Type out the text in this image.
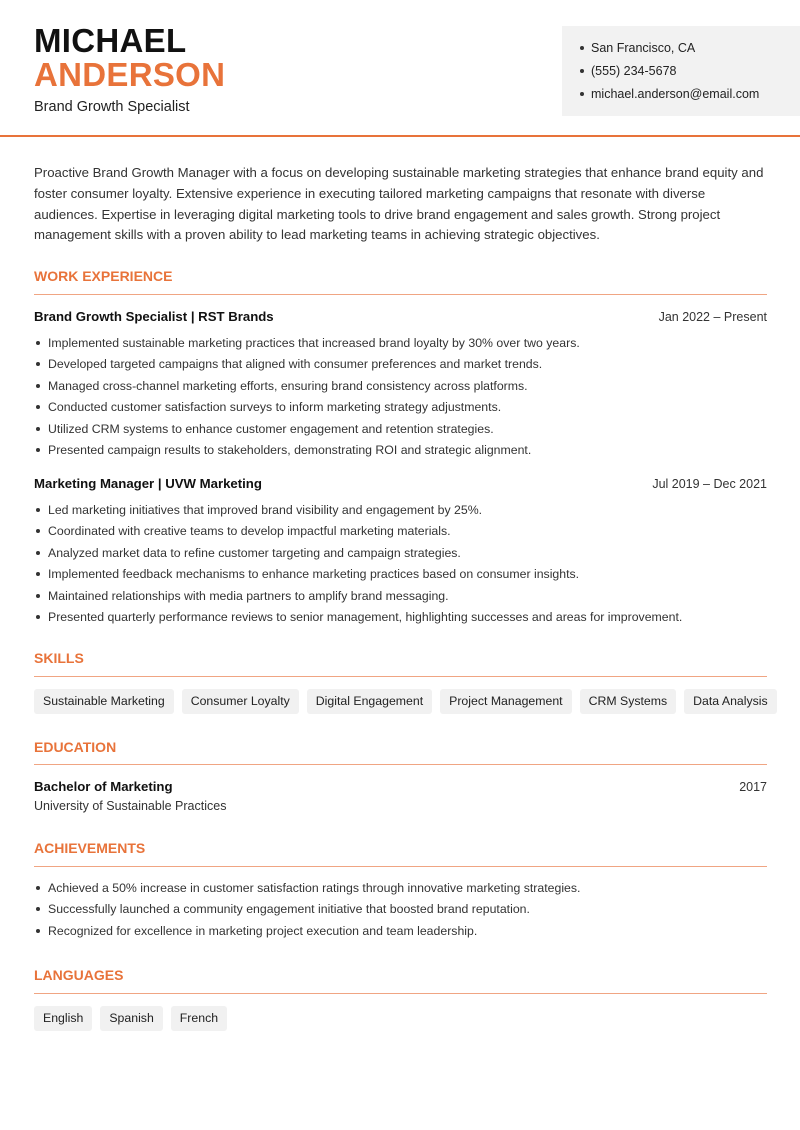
MICHAEL
ANDERSON
Brand Growth Specialist
San Francisco, CA
(555) 234-5678
michael.anderson@email.com
Proactive Brand Growth Manager with a focus on developing sustainable marketing strategies that enhance brand equity and foster consumer loyalty. Extensive experience in executing tailored marketing campaigns that resonate with diverse audiences. Expertise in leveraging digital marketing tools to drive brand engagement and sales growth. Strong project management skills with a proven ability to lead marketing teams in achieving strategic objectives.
WORK EXPERIENCE
Brand Growth Specialist | RST Brands	Jan 2022 – Present
Implemented sustainable marketing practices that increased brand loyalty by 30% over two years.
Developed targeted campaigns that aligned with consumer preferences and market trends.
Managed cross-channel marketing efforts, ensuring brand consistency across platforms.
Conducted customer satisfaction surveys to inform marketing strategy adjustments.
Utilized CRM systems to enhance customer engagement and retention strategies.
Presented campaign results to stakeholders, demonstrating ROI and strategic alignment.
Marketing Manager | UVW Marketing	Jul 2019 – Dec 2021
Led marketing initiatives that improved brand visibility and engagement by 25%.
Coordinated with creative teams to develop impactful marketing materials.
Analyzed market data to refine customer targeting and campaign strategies.
Implemented feedback mechanisms to enhance marketing practices based on consumer insights.
Maintained relationships with media partners to amplify brand messaging.
Presented quarterly performance reviews to senior management, highlighting successes and areas for improvement.
SKILLS
Sustainable Marketing	Consumer Loyalty	Digital Engagement	Project Management	CRM Systems	Data Analysis
EDUCATION
Bachelor of Marketing	2017
University of Sustainable Practices
ACHIEVEMENTS
Achieved a 50% increase in customer satisfaction ratings through innovative marketing strategies.
Successfully launched a community engagement initiative that boosted brand reputation.
Recognized for excellence in marketing project execution and team leadership.
LANGUAGES
English	Spanish	French
